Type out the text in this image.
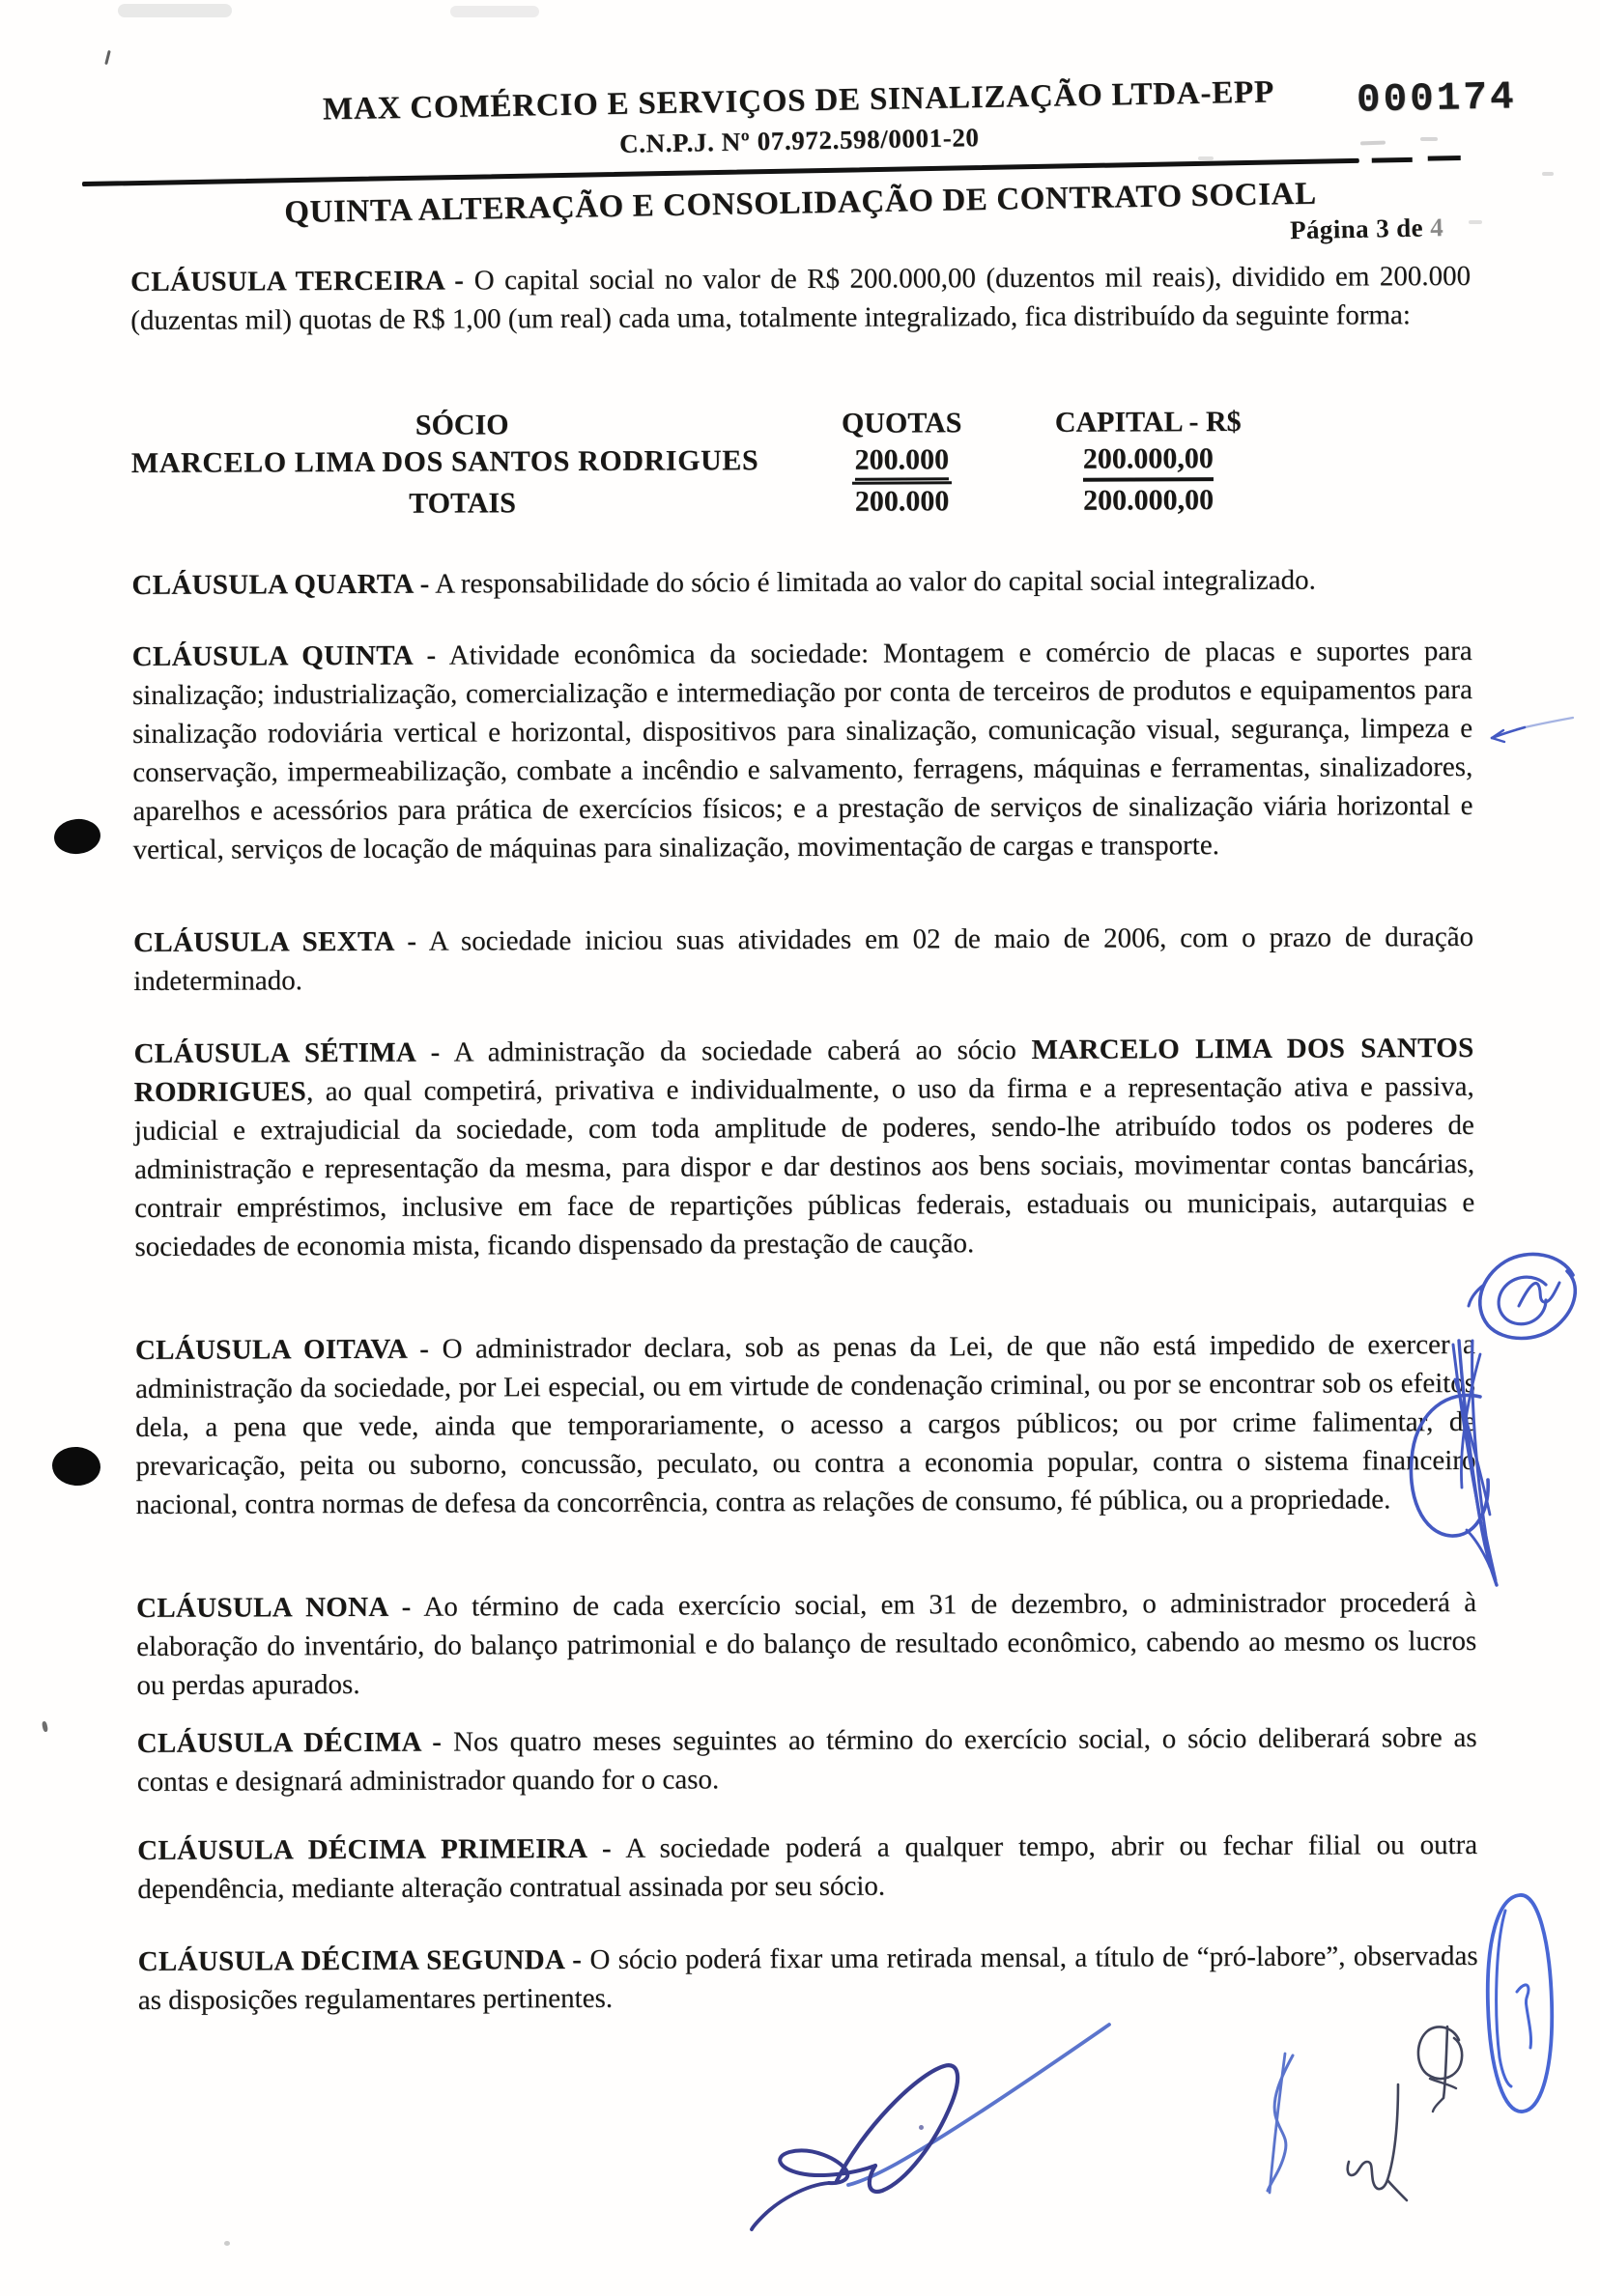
MAX COMÉRCIO E SERVIÇOS DE SINALIZAÇÃO LTDA-EPP
C.N.P.J. Nº 07.972.598/0001-20
QUINTA ALTERAÇÃO E CONSOLIDAÇÃO DE CONTRATO SOCIAL
Página 3 de 4
000174

CLÁUSULA TERCEIRA - O capital social no valor de R$ 200.000,00 (duzentos mil reais), dividido em 200.000 (duzentas mil) quotas de R$ 1,00 (um real) cada uma, totalmente integralizado, fica distribuído da seguinte forma:

SÓCIO	QUOTAS	CAPITAL - R$
MARCELO LIMA DOS SANTOS RODRIGUES	200.000	200.000,00
TOTAIS	200.000	200.000,00

CLÁUSULA QUARTA - A responsabilidade do sócio é limitada ao valor do capital social integralizado.

CLÁUSULA QUINTA - Atividade econômica da sociedade: Montagem e comércio de placas e suportes para sinalização; industrialização, comercialização e intermediação por conta de terceiros de produtos e equipamentos para sinalização rodoviária vertical e horizontal, dispositivos para sinalização, comunicação visual, segurança, limpeza e conservação, impermeabilização, combate a incêndio e salvamento, ferragens, máquinas e ferramentas, sinalizadores, aparelhos e acessórios para prática de exercícios físicos; e a prestação de serviços de sinalização viária horizontal e vertical, serviços de locação de máquinas para sinalização, movimentação de cargas e transporte.

CLÁUSULA SEXTA - A sociedade iniciou suas atividades em 02 de maio de 2006, com o prazo de duração indeterminado.

CLÁUSULA SÉTIMA - A administração da sociedade caberá ao sócio MARCELO LIMA DOS SANTOS RODRIGUES, ao qual competirá, privativa e individualmente, o uso da firma e a representação ativa e passiva, judicial e extrajudicial da sociedade, com toda amplitude de poderes, sendo-lhe atribuído todos os poderes de administração e representação da mesma, para dispor e dar destinos aos bens sociais, movimentar contas bancárias, contrair empréstimos, inclusive em face de repartições públicas federais, estaduais ou municipais, autarquias e sociedades de economia mista, ficando dispensado da prestação de caução.

CLÁUSULA OITAVA - O administrador declara, sob as penas da Lei, de que não está impedido de exercer a administração da sociedade, por Lei especial, ou em virtude de condenação criminal, ou por se encontrar sob os efeitos dela, a pena que vede, ainda que temporariamente, o acesso a cargos públicos; ou por crime falimentar, de prevaricação, peita ou suborno, concussão, peculato, ou contra a economia popular, contra o sistema financeiro nacional, contra normas de defesa da concorrência, contra as relações de consumo, fé pública, ou a propriedade.

CLÁUSULA NONA - Ao término de cada exercício social, em 31 de dezembro, o administrador procederá à elaboração do inventário, do balanço patrimonial e do balanço de resultado econômico, cabendo ao mesmo os lucros ou perdas apurados.

CLÁUSULA DÉCIMA - Nos quatro meses seguintes ao término do exercício social, o sócio deliberará sobre as contas e designará administrador quando for o caso.

CLÁUSULA DÉCIMA PRIMEIRA - A sociedade poderá a qualquer tempo, abrir ou fechar filial ou outra dependência, mediante alteração contratual assinada por seu sócio.

CLÁUSULA DÉCIMA SEGUNDA - O sócio poderá fixar uma retirada mensal, a título de “pró-labore”, observadas as disposições regulamentares pertinentes.
